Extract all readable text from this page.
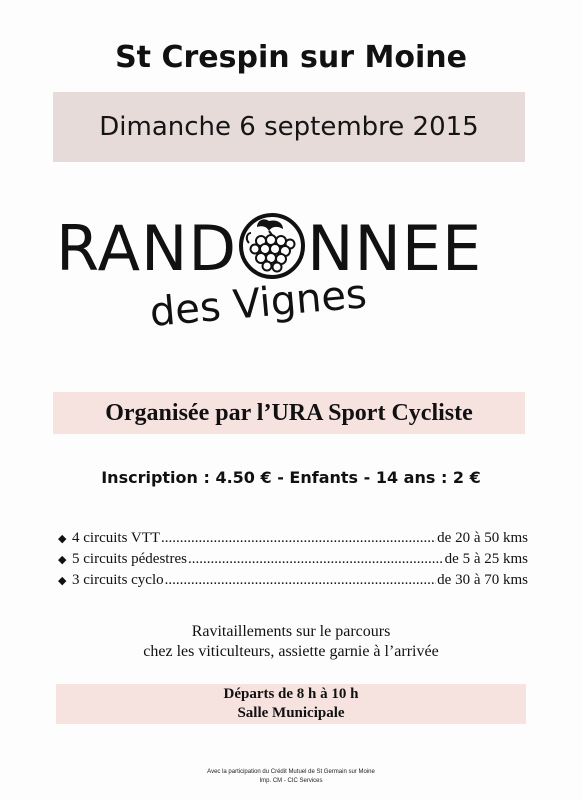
St Crespin sur Moine
Dimanche 6 septembre 2015
RAND NNEE
des Vignes
Organisée par l’URA Sport Cycliste
Inscription : 4.50 € - Enfants - 14 ans : 2 €
◆ 4 circuits VTT .....	de 20 à 50 kms
◆ 5 circuits pédestres .....	de 5 à 25 kms
◆ 3 circuits cyclo .....	de 30 à 70 kms
Ravitaillements sur le parcours
chez les viticulteurs, assiette garnie à l’arrivée
Départs de 8 h à 10 h
Salle Municipale
Avec la participation du Crédit Mutuel de St Germain sur Moine
Imp. CM - CIC Services
